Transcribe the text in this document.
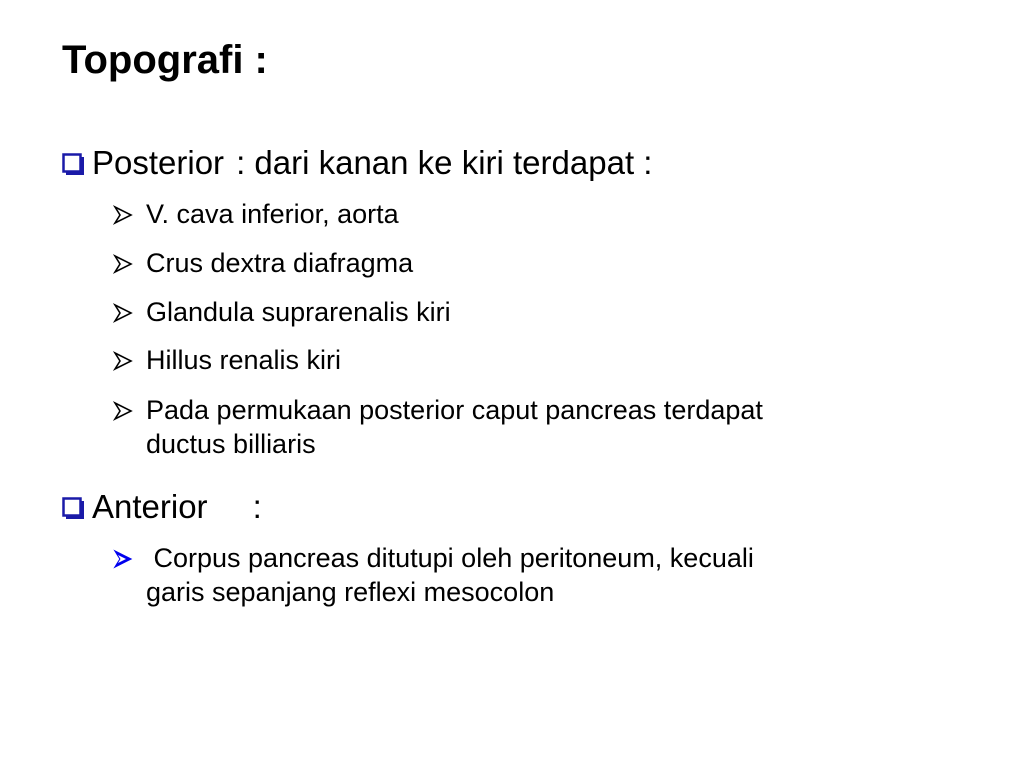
Topografi :
Posterior : dari kanan ke kiri terdapat :
V. cava inferior, aorta
Crus dextra diafragma
Glandula suprarenalis kiri
Hillus renalis kiri
Pada permukaan posterior caput pancreas terdapat
ductus billiaris
Anterior :
Corpus pancreas ditutupi oleh peritoneum, kecuali
garis sepanjang reflexi mesocolon
